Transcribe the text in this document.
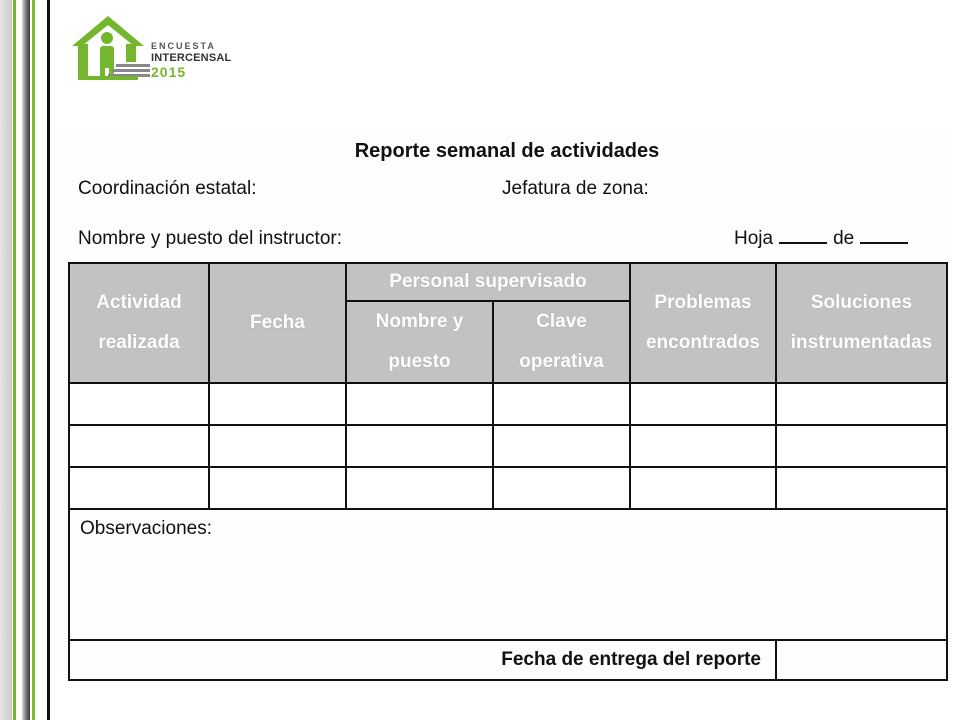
ENCUESTA
INTERCENSAL
2015
Reporte semanal de actividades
Coordinación estatal:	Jefatura de zona:
Nombre y puesto del instructor:	Hoja	de
Actividad realizada	Fecha	Personal supervisado		Problemas encontrados	Soluciones instrumentadas
		Nombre y puesto	Clave operativa		

Observaciones:					
Fecha de entrega del reporte					
